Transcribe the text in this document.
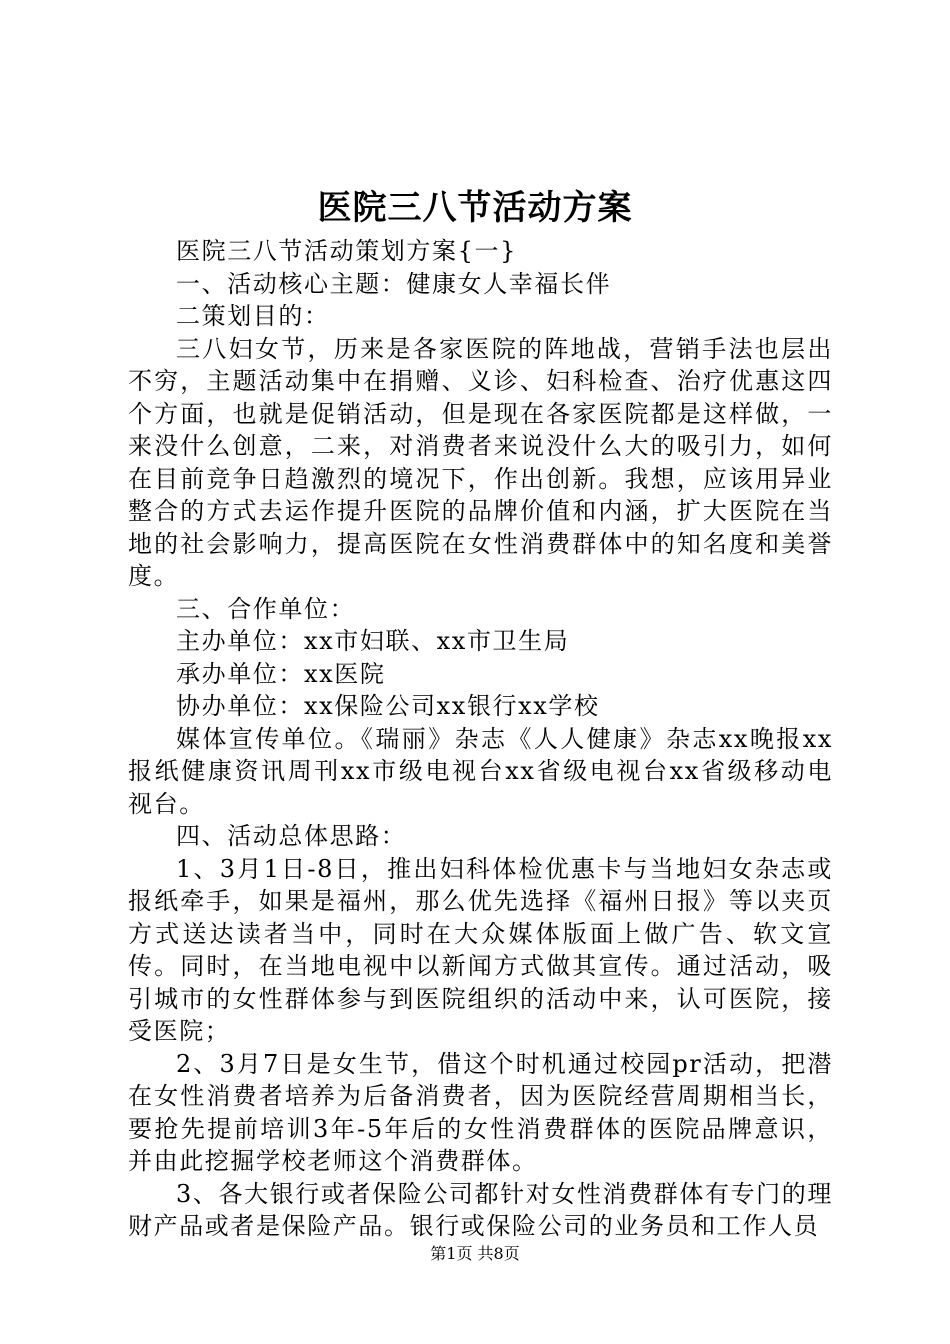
医院三八节活动方案

医院三八节活动策划方案{一}

一、活动核心主题：健康女人幸福长伴

二策划目的：

三八妇女节，历来是各家医院的阵地战，营销手法也层出不穷，主题活动集中在捐赠、义诊、妇科检查、治疗优惠这四个方面，也就是促销活动，但是现在各家医院都是这样做，一来没什么创意，二来，对消费者来说没什么大的吸引力，如何在目前竞争日趋激烈的境况下，作出创新。我想，应该用异业整合的方式去运作提升医院的品牌价值和内涵，扩大医院在当地的社会影响力，提高医院在女性消费群体中的知名度和美誉度。

三、合作单位：

主办单位：xx市妇联、xx市卫生局

承办单位：xx医院

协办单位：xx保险公司xx银行xx学校

媒体宣传单位。《瑞丽》杂志《人人健康》杂志xx晚报xx报纸健康资讯周刊xx市级电视台xx省级电视台xx省级移动电视台。

四、活动总体思路：

1、3月1日-8日，推出妇科体检优惠卡与当地妇女杂志或报纸牵手，如果是福州，那么优先选择《福州日报》等以夹页方式送达读者当中，同时在大众媒体版面上做广告、软文宣传。同时，在当地电视中以新闻方式做其宣传。通过活动，吸引城市的女性群体参与到医院组织的活动中来，认可医院，接受医院；

2、3月7日是女生节，借这个时机通过校园pr活动，把潜在女性消费者培养为后备消费者，因为医院经营周期相当长，要抢先提前培训3年-5年后的女性消费群体的医院品牌意识，并由此挖掘学校老师这个消费群体。

3、各大银行或者保险公司都针对女性消费群体有专门的理财产品或者是保险产品。银行或保险公司的业务员和工作人员

第1页 共8页
